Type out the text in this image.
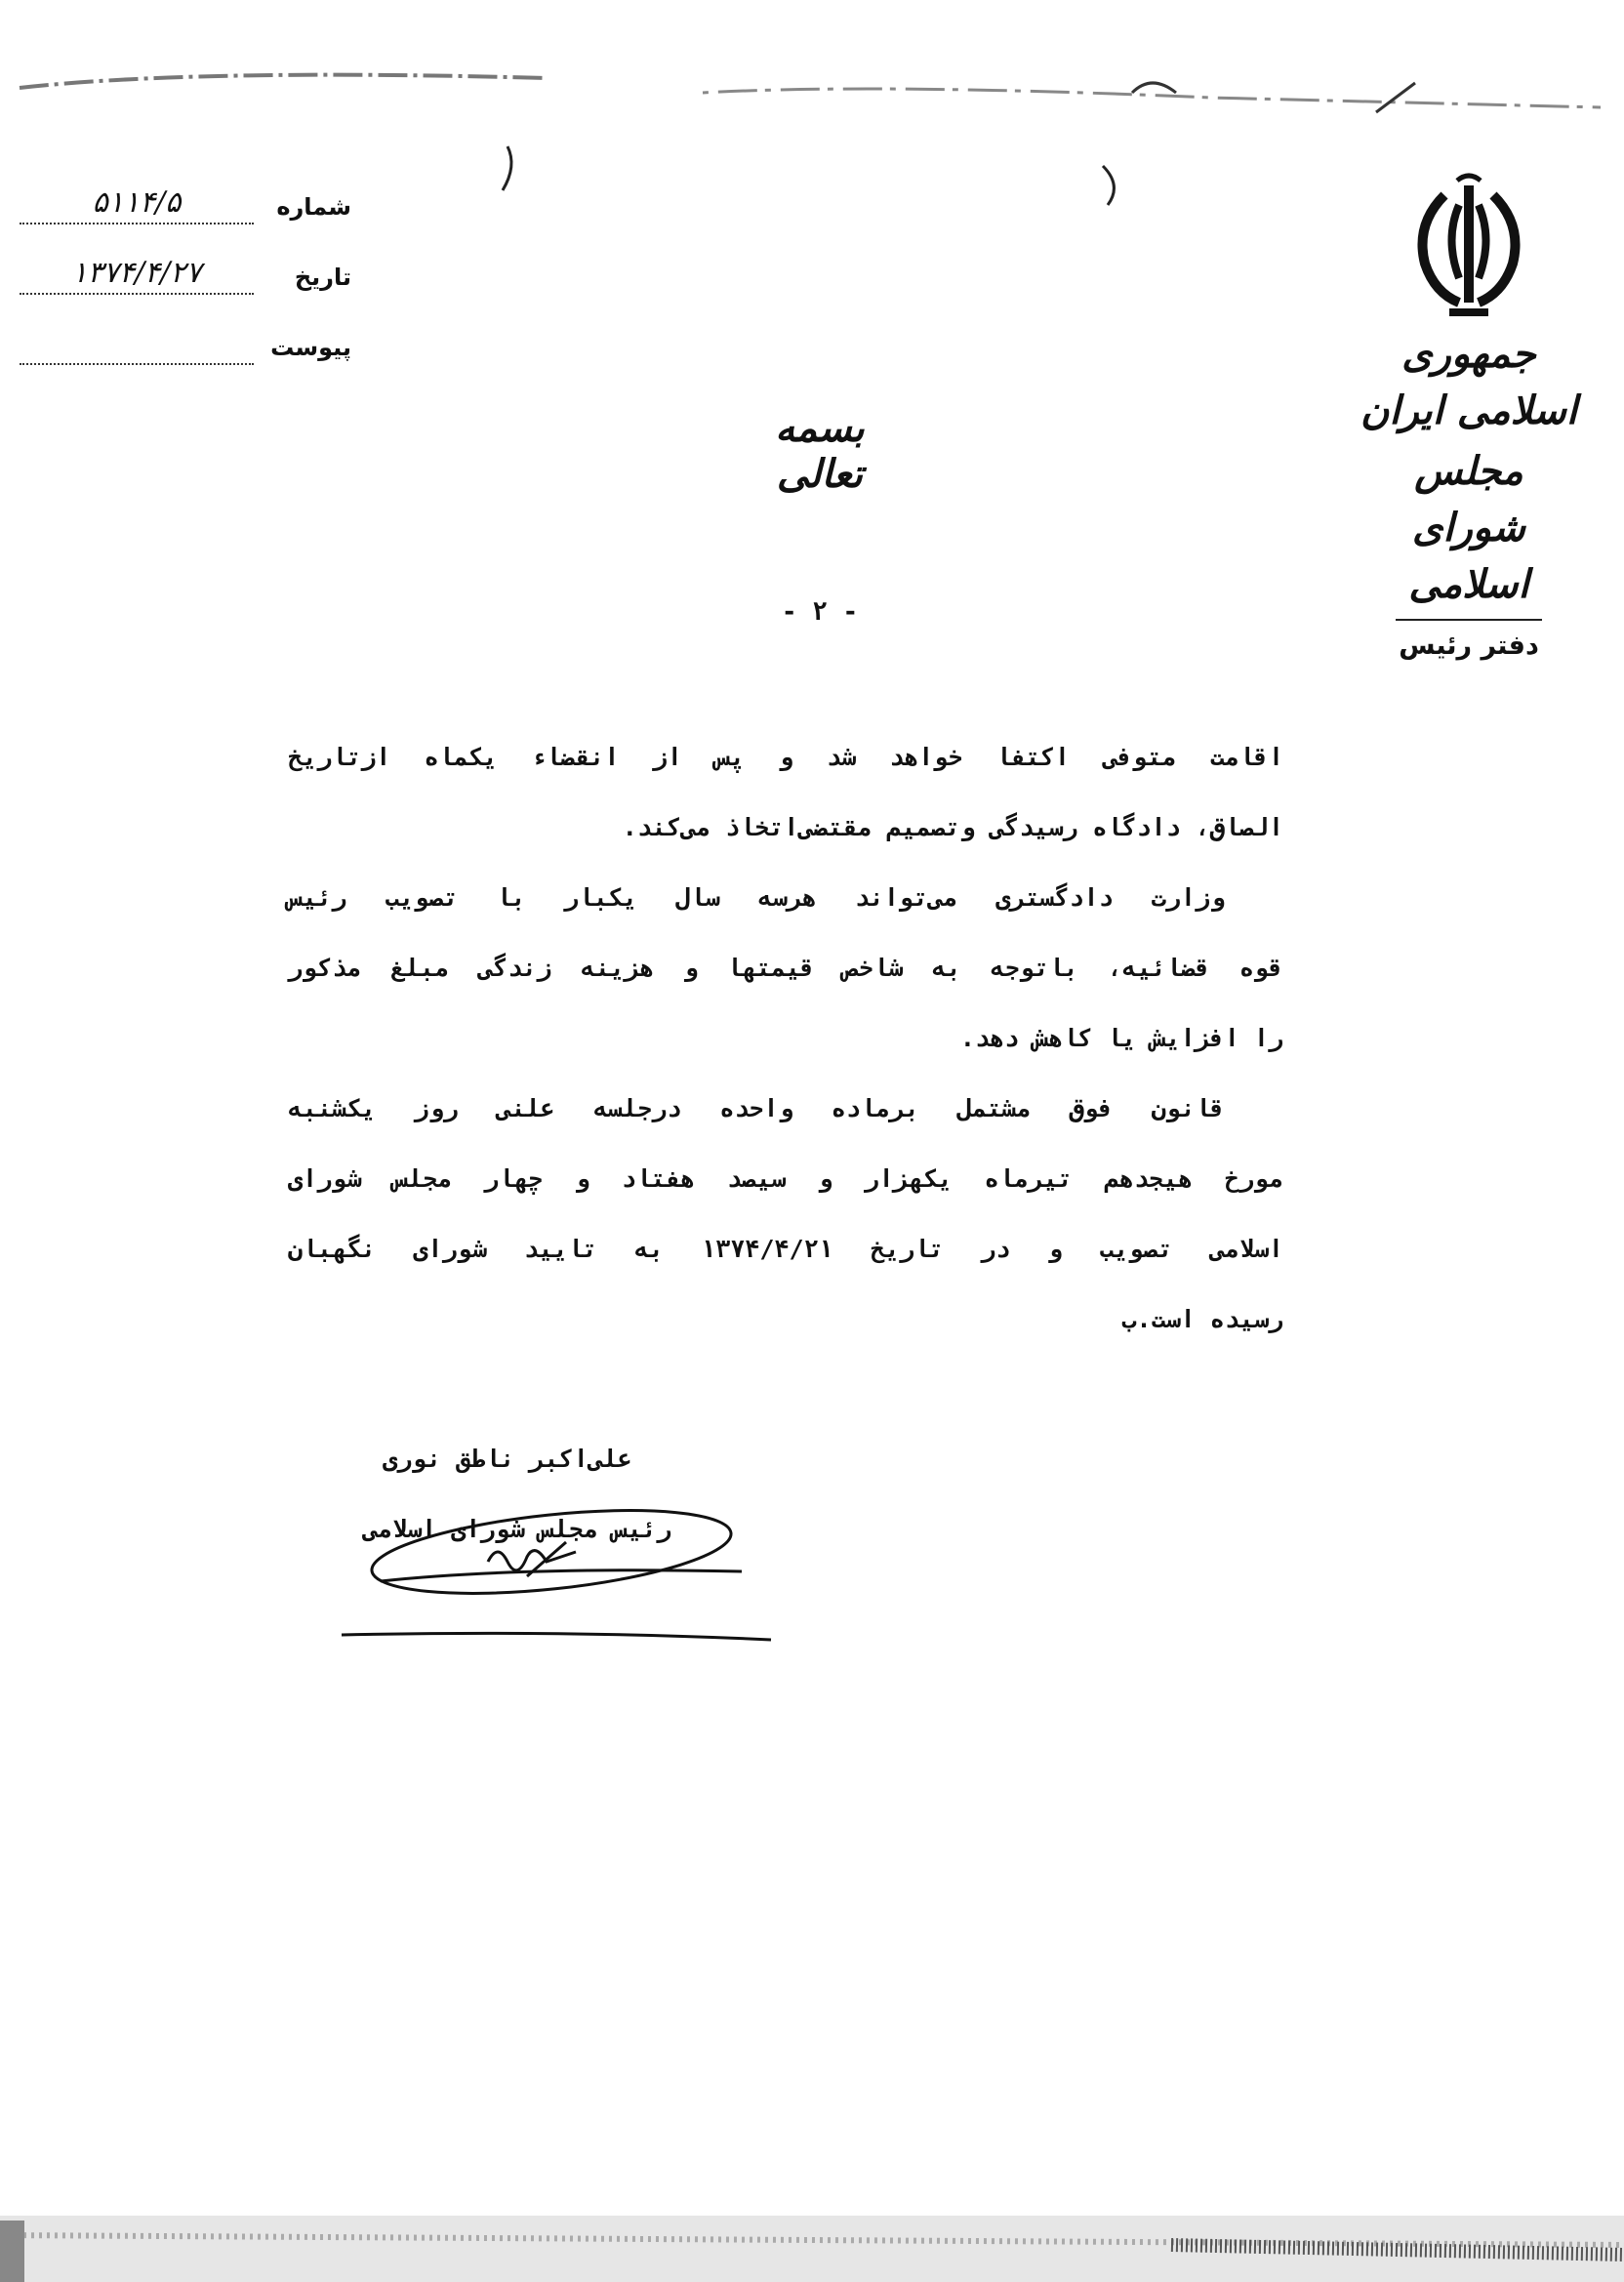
جمهوری اسلامی ایران
مجلس شورای اسلامی
دفتر رئیس
شماره
۵۱۱۴/۵
تاریخ
۱۳۷۴/۴/۲۷
پیوست
بسمه تعالی
- ۲ -
اقامت متوفی اکتفا خواهد شد و پس از انقضاء یکماه ازتاریخ
الصاق، دادگاه رسیدگی وتصمیم مقتضی‌اتخاذ می‌کند.
وزارت دادگستری می‌تواند هرسه سال یکبار با تصویب رئیس
قوه قضائیه، باتوجه به شاخص قیمتها و هزینه زندگی مبلغ مذکور
را افزایش یا کاهش دهد.
قانون فوق مشتمل برماده واحده درجلسه علنی روز یکشنبه
مورخ هیجدهم تیرماه یکهزار و سیصد هفتاد و چهار مجلس شورای
اسلامی تصویب و در تاریخ ۱۳۷۴/۴/۲۱ به تایید شورای نگهبان
رسیده است.ب
علی‌اکبر ناطق نوری
رئیس مجلس شورای اسلامی
